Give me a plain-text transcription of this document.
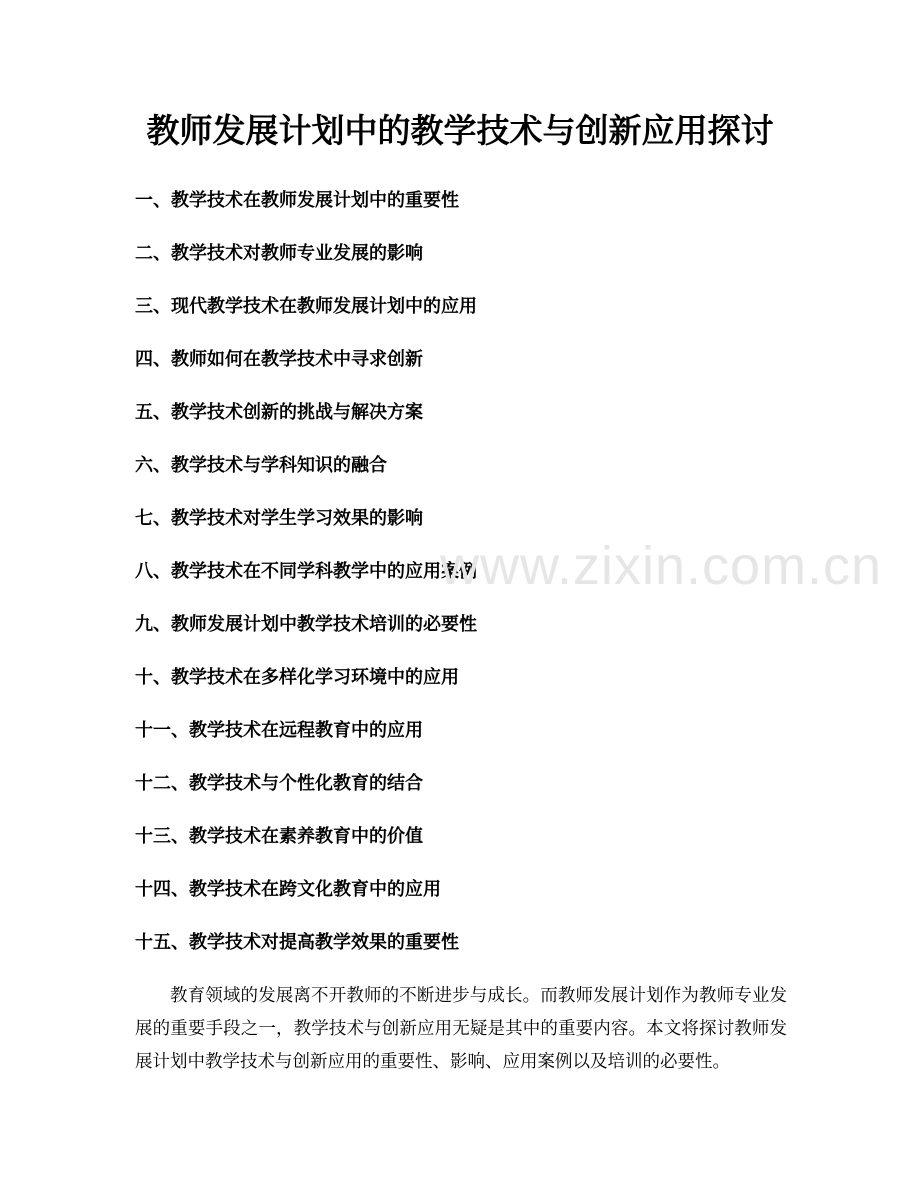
教师发展计划中的教学技术与创新应用探讨
一、教学技术在教师发展计划中的重要性
二、教学技术对教师专业发展的影响
三、现代教学技术在教师发展计划中的应用
四、教师如何在教学技术中寻求创新
五、教学技术创新的挑战与解决方案
六、教学技术与学科知识的融合
七、教学技术对学生学习效果的影响
八、教学技术在不同学科教学中的应用案例
九、教师发展计划中教学技术培训的必要性
十、教学技术在多样化学习环境中的应用
十一、教学技术在远程教育中的应用
十二、教学技术与个性化教育的结合
十三、教学技术在素养教育中的价值
十四、教学技术在跨文化教育中的应用
十五、教学技术对提高教学效果的重要性

教育领域的发展离不开教师的不断进步与成长。而教师发展计划作为教师专业发展的重要手段之一，教学技术与创新应用无疑是其中的重要内容。本文将探讨教师发展计划中教学技术与创新应用的重要性、影响、应用案例以及培训的必要性。

www.zixin.com.cn
